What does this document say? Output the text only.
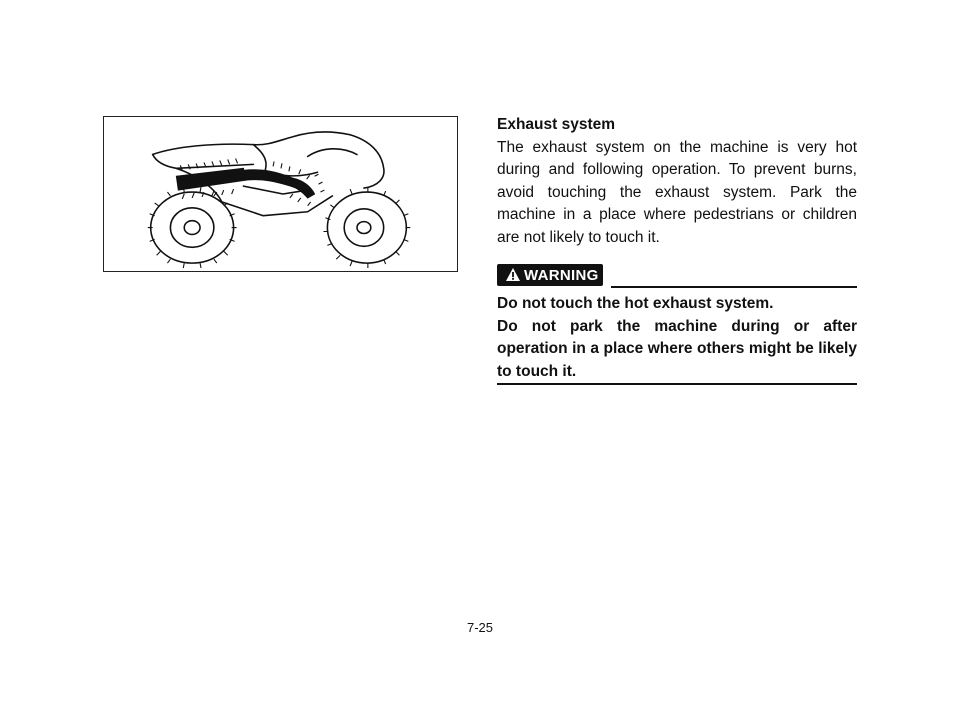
Exhaust system

The exhaust system on the machine is very hot during and following operation. To prevent burns, avoid touching the exhaust system. Park the machine in a place where pedestrians or children are not likely to touch it.

WARNING

Do not touch the hot exhaust system.

Do not park the machine during or after operation in a place where others might be likely to touch it.

7-25
